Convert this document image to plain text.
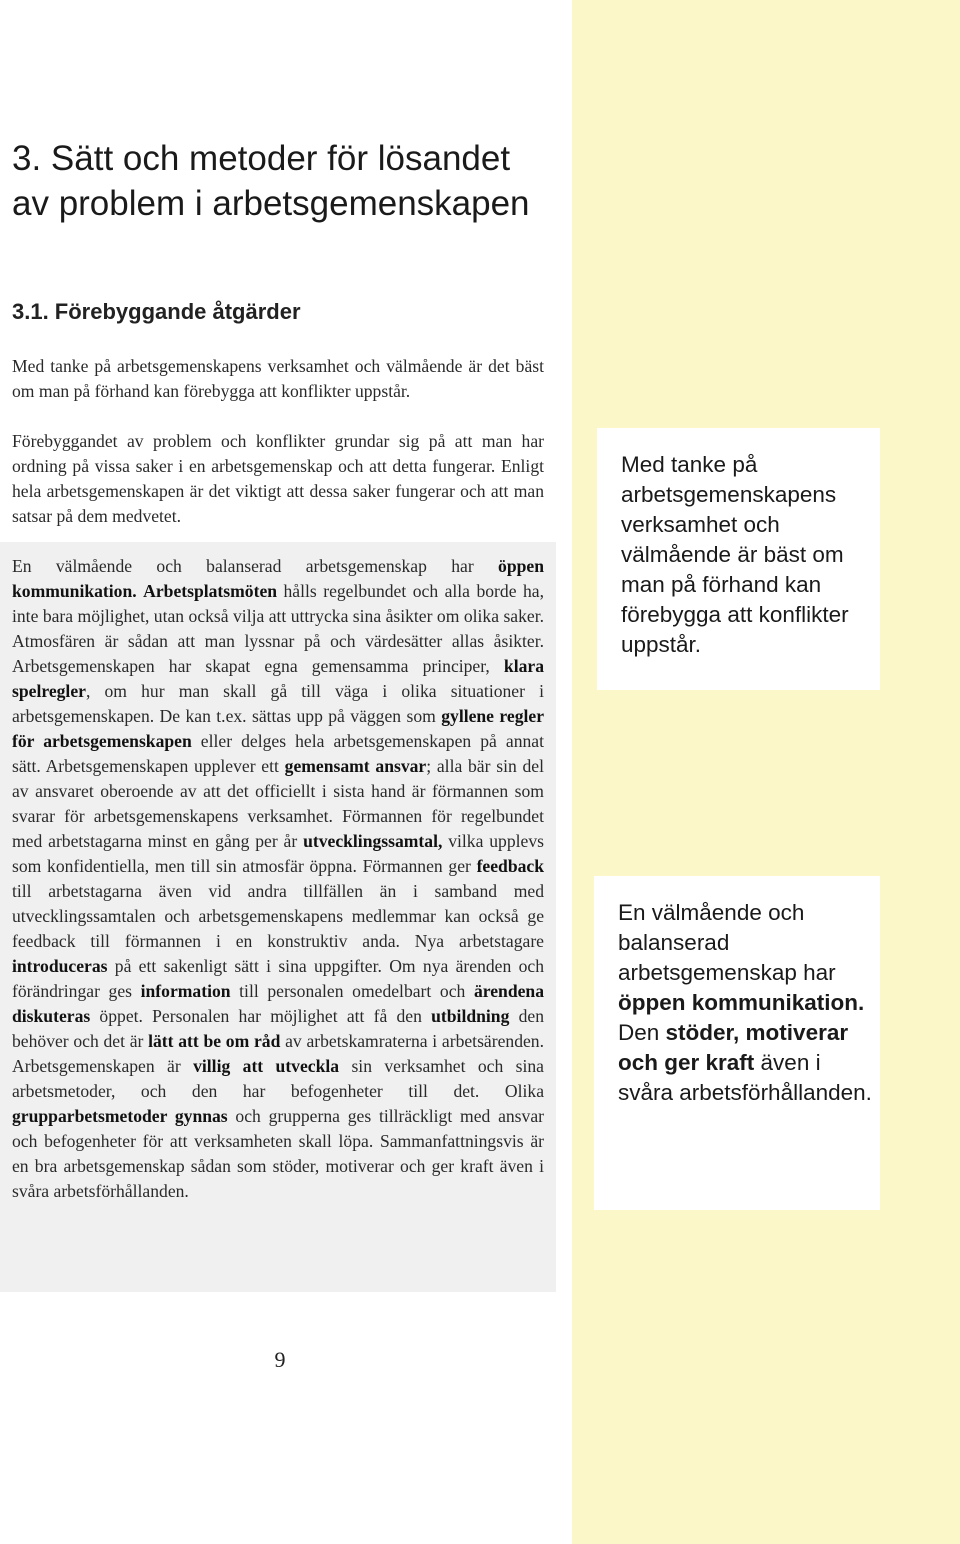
3. Sätt och metoder för lösandet av problem i arbetsgemenskapen
3.1. Förebyggande åtgärder

Med tanke på arbetsgemenskapens verksamhet och välmående är det bäst om man på förhand kan förebygga att konflikter uppstår.

Förebyggandet av problem och konflikter grundar sig på att man har ordning på vissa saker i en arbetsgemenskap och att detta fungerar. Enligt hela arbetsgemenskapen är det viktigt att dessa saker fungerar och att man satsar på dem medvetet.

En välmående och balanserad arbetsgemenskap har öppen kommunikation. Arbetsplatsmöten hålls regelbundet och alla borde ha, inte bara möjlighet, utan också vilja att uttrycka sina åsikter om olika saker. Atmosfären är sådan att man lyssnar på och värdesätter allas åsikter. Arbetsgemenskapen har skapat egna gemensamma principer, klara spelregler, om hur man skall gå till väga i olika situationer i arbetsgemenskapen. De kan t.ex. sättas upp på väggen som gyllene regler för arbetsgemenskapen eller delges hela arbetsgemenskapen på annat sätt. Arbetsgemenskapen upplever ett gemensamt ansvar; alla bär sin del av ansvaret oberoende av att det officiellt i sista hand är förmannen som svarar för arbetsgemenskapens verksamhet. Förmannen för regelbundet med arbetstagarna minst en gång per år utvecklingssamtal, vilka upplevs som konfidentiella, men till sin atmosfär öppna. Förmannen ger feedback till arbetstagarna även vid andra tillfällen än i samband med utvecklingssamtalen och arbetsgemenskapens medlemmar kan också ge feedback till förmannen i en konstruktiv anda. Nya arbetstagare introduceras på ett sakenligt sätt i sina uppgifter. Om nya ärenden och förändringar ges information till personalen omedelbart och ärendena diskuteras öppet. Personalen har möjlighet att få den utbildning den behöver och det är lätt att be om råd av arbetskamraterna i arbetsärenden. Arbetsgemenskapen är villig att utveckla sin verksamhet och sina arbetsmetoder, och den har befogenheter till det. Olika grupparbetsmetoder gynnas och grupperna ges tillräckligt med ansvar och befogenheter för att verksamheten skall löpa. Sammanfattningsvis är en bra arbetsgemenskap sådan som stöder, motiverar och ger kraft även i svåra arbetsförhållanden.

9
Med tanke på arbetsgemenskapens verksamhet och välmående är bäst om man på förhand kan förebygga att konflikter uppstår.
En välmående och balanserad arbetsgemenskap har öppen kommunikation. Den stöder, motiverar och ger kraft även i svåra arbetsförhållanden.
